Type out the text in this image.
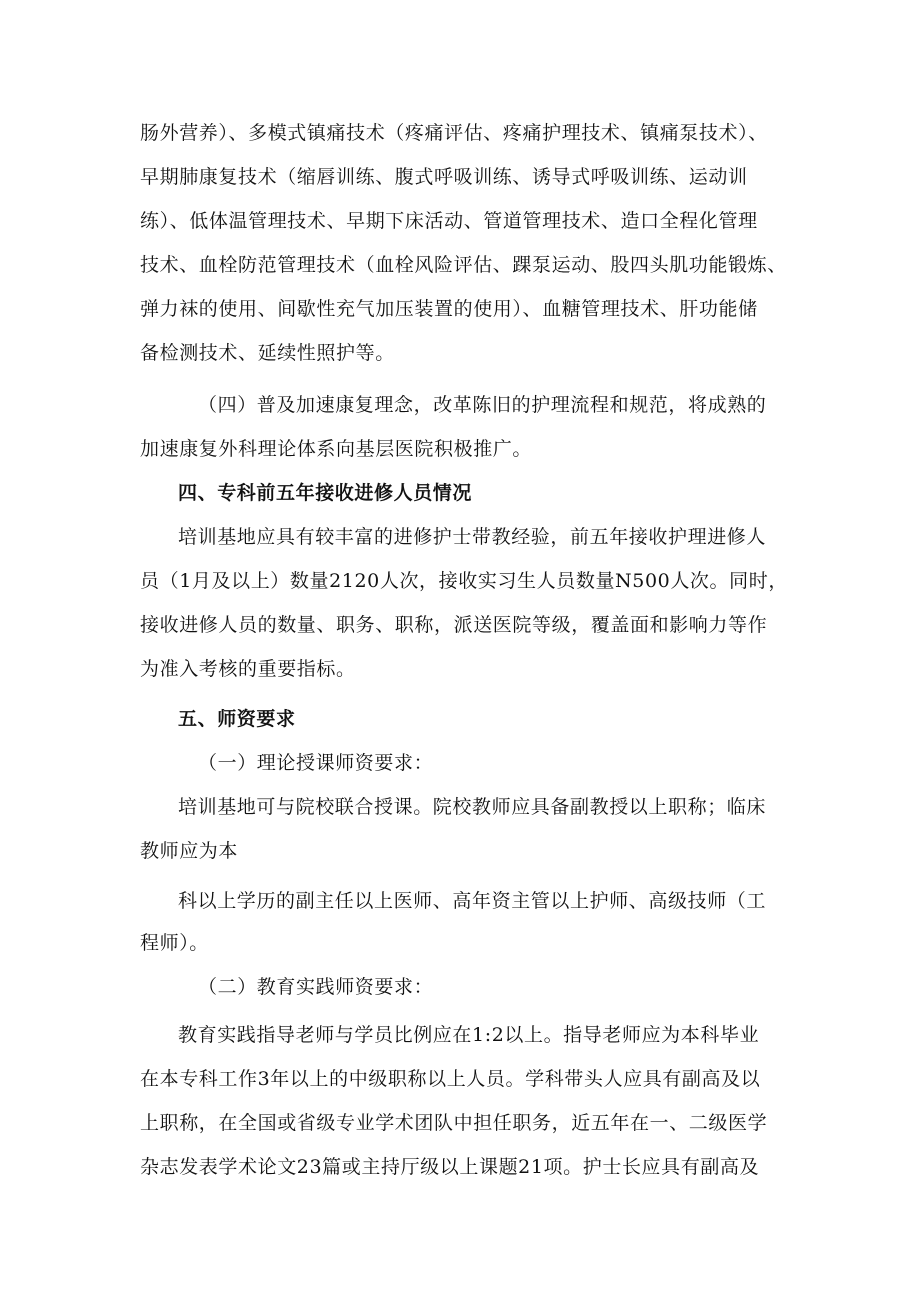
肠外营养）、多模式镇痛技术（疼痛评估、疼痛护理技术、镇痛泵技术）、
早期肺康复技术（缩唇训练、腹式呼吸训练、诱导式呼吸训练、运动训
练）、低体温管理技术、早期下床活动、管道管理技术、造口全程化管理
技术、血栓防范管理技术（血栓风险评估、踝泵运动、股四头肌功能锻炼、
弹力袜的使用、间歇性充气加压装置的使用）、血糖管理技术、肝功能储
备检测技术、延续性照护等。
（四）普及加速康复理念，改革陈旧的护理流程和规范，将成熟的
加速康复外科理论体系向基层医院积极推广。
四、专科前五年接收进修人员情况
培训基地应具有较丰富的进修护士带教经验，前五年接收护理进修人
员（1月及以上）数量2120人次，接收实习生人员数量N500人次。同时，
接收进修人员的数量、职务、职称，派送医院等级，覆盖面和影响力等作
为准入考核的重要指标。
五、师资要求
（一）理论授课师资要求：
培训基地可与院校联合授课。院校教师应具备副教授以上职称；临床
教师应为本
科以上学历的副主任以上医师、高年资主管以上护师、高级技师（工
程师）。
（二）教育实践师资要求：
教育实践指导老师与学员比例应在1:2以上。指导老师应为本科毕业
在本专科工作3年以上的中级职称以上人员。学科带头人应具有副高及以
上职称，在全国或省级专业学术团队中担任职务，近五年在一、二级医学
杂志发表学术论文23篇或主持厅级以上课题21项。护士长应具有副高及
